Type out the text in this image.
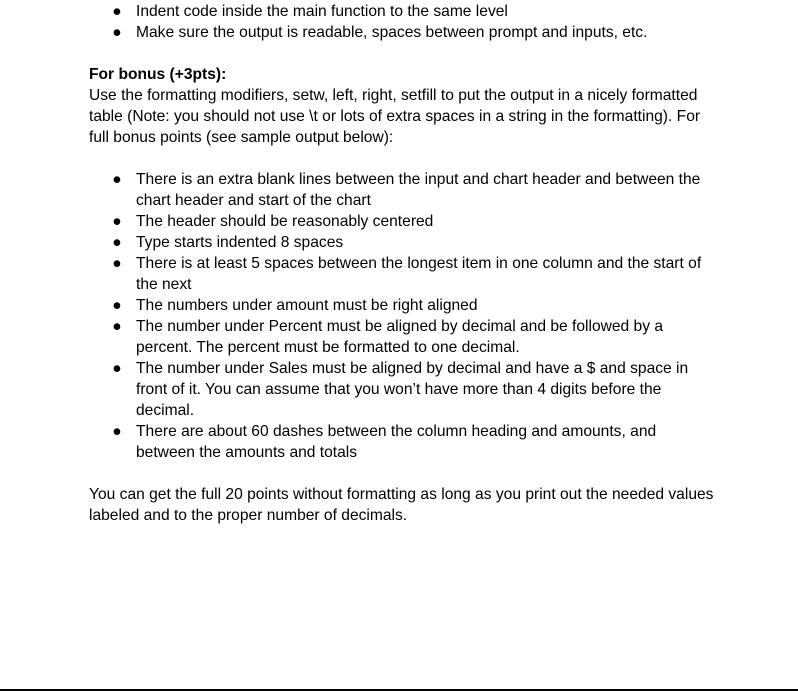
● Indent code inside the main function to the same level
● Make sure the output is readable, spaces between prompt and inputs, etc.
For bonus (+3pts):

Use the formatting modifiers, setw, left, right, setfill to put the output in a nicely formatted table (Note: you should not use \t or lots of extra spaces in a string in the formatting). For full bonus points (see sample output below):

● There is an extra blank lines between the input and chart header and between the chart header and start of the chart
● The header should be reasonably centered
● Type starts indented 8 spaces
● There is at least 5 spaces between the longest item in one column and the start of the next
● The numbers under amount must be right aligned
● The number under Percent must be aligned by decimal and be followed by a percent. The percent must be formatted to one decimal.
● The number under Sales must be aligned by decimal and have a $ and space in front of it. You can assume that you won’t have more than 4 digits before the decimal.
● There are about 60 dashes between the column heading and amounts, and between the amounts and totals

You can get the full 20 points without formatting as long as you print out the needed values labeled and to the proper number of decimals.
